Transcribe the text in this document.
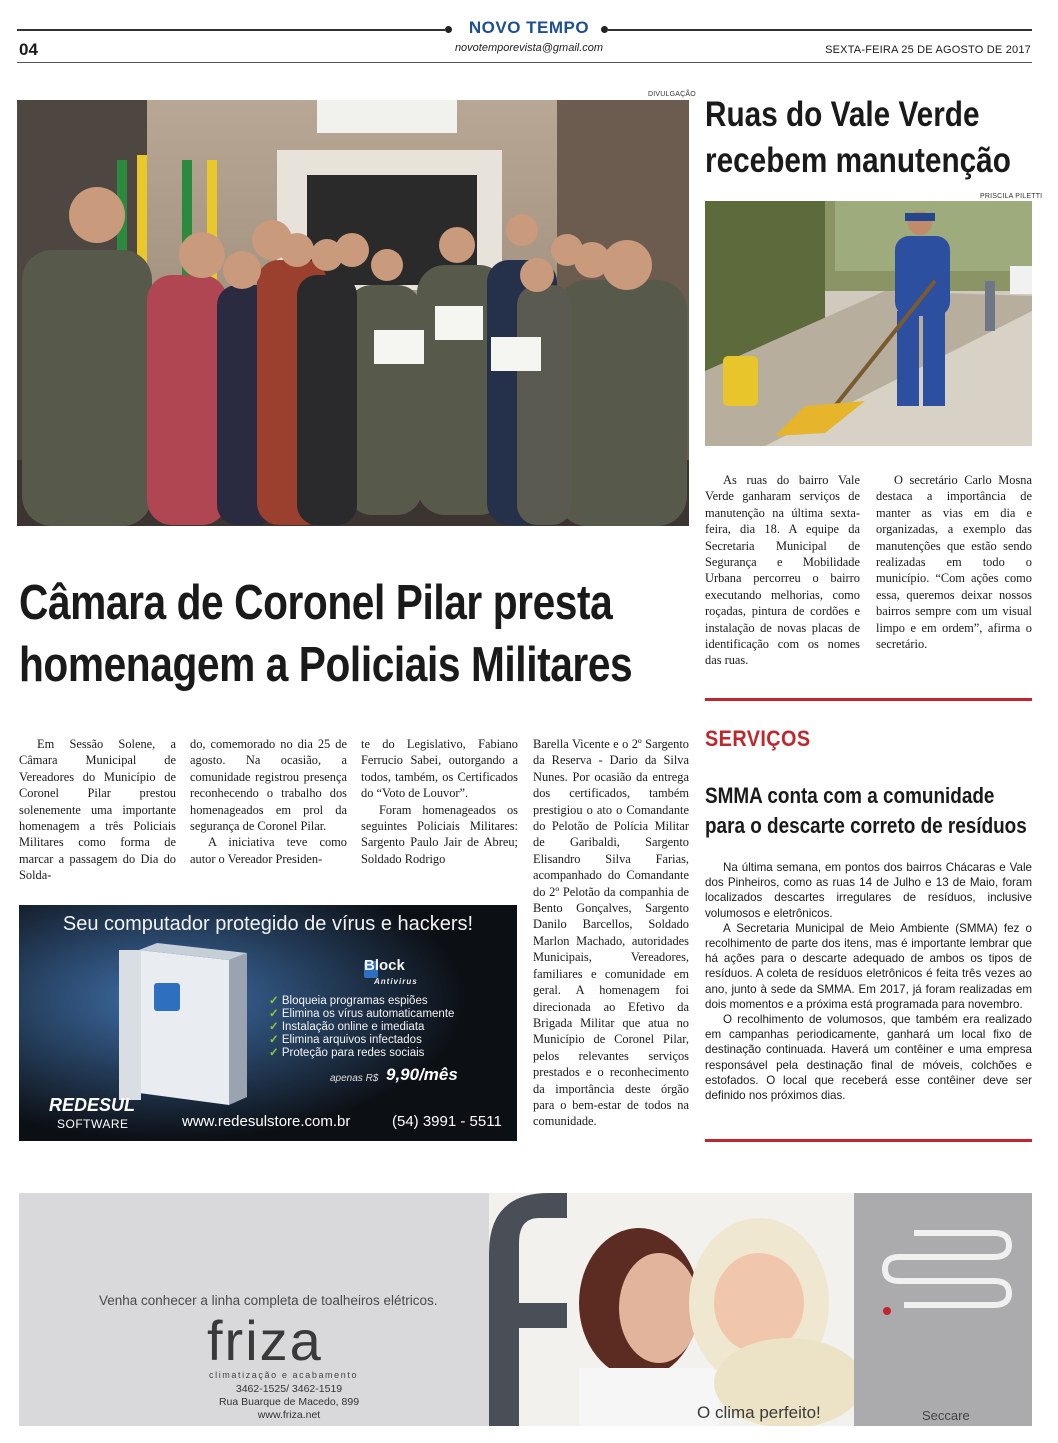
NOVO TEMPO
novotemporevista@gmail.com
04	SEXTA-FEIRA 25 DE AGOSTO DE 2017
DIVULGAÇÃO
Câmara de Coronel Pilar presta
homenagem a Policiais Militares

Em Sessão Solene, a Câmara Municipal de Vereadores do Município de Coronel Pilar prestou solenemente uma importante homenagem a três Policiais Militares como forma de marcar a passagem do Dia do Solda-

do, comemorado no dia 25 de agosto. Na ocasião, a comunidade registrou presença reconhecendo o trabalho dos homenageados em prol da segurança de Coronel Pilar.

A iniciativa teve como autor o Vereador Presiden-

te do Legislativo, Fabiano Ferrucio Sabei, outorgando a todos, também, os Certificados do “Voto de Louvor”.

Foram homenageados os seguintes Policiais Militares: Sargento Paulo Jair de Abreu; Soldado Rodrigo

Barella Vicente e o 2º Sargento da Reserva - Dario da Silva Nunes. Por ocasião da entrega dos certificados, também prestigiou o ato o Comandante do Pelotão de Polícia Militar de Garibaldi, Sargento Elisandro Silva Farias, acompanhado do Comandante do 2º Pelotão da companhia de Bento Gonçalves, Sargento Danilo Barcellos, Soldado Marlon Machado, autoridades Municipais, Vereadores, familiares e comunidade em geral. A homenagem foi direcionada ao Efetivo da Brigada Militar que atua no Município de Coronel Pilar, pelos relevantes serviços prestados e o reconhecimento da importância deste órgão para o bem-estar de todos na comunidade.

Ruas do Vale Verde
recebem manutenção
PRISCILA PILETTI

As ruas do bairro Vale Verde ganharam serviços de manutenção na última sexta-feira, dia 18. A equipe da Secretaria Municipal de Segurança e Mobilidade Urbana percorreu o bairro executando melhorias, como roçadas, pintura de cordões e instalação de novas placas de identificação com os nomes das ruas.

O secretário Carlo Mosna destaca a importância de manter as vias em dia e organizadas, a exemplo das manutenções que estão sendo realizadas em todo o município. “Com ações como essa, queremos deixar nossos bairros sempre com um visual limpo e em ordem”, afirma o secretário.

SERVIÇOS
SMMA conta com a comunidade
para o descarte correto de resíduos

Na última semana, em pontos dos bairros Chácaras e Vale dos Pinheiros, como as ruas 14 de Julho e 13 de Maio, foram localizados descartes irregulares de resíduos, inclusive volumosos e eletrônicos.

A Secretaria Municipal de Meio Ambiente (SMMA) fez o recolhimento de parte dos itens, mas é importante lembrar que há ações para o descarte adequado de ambos os tipos de resíduos. A coleta de resíduos eletrônicos é feita três vezes ao ano, junto à sede da SMMA. Em 2017, já foram realizadas em dois momentos e a próxima está programada para novembro.

O recolhimento de volumosos, que também era realizado em campanhas periodicamente, ganhará um local fixo de destinação continuada. Haverá um contêiner e uma empresa responsável pela destinação final de móveis, colchões e estofados. O local que receberá esse contêiner deve ser definido nos próximos dias.

Seu computador protegido de vírus e hackers!
Block
Antivirus
✓ Bloqueia programas espiões
✓ Elimina os vírus automaticamente
✓ Instalação online e imediata
✓ Elimina arquivos infectados
✓ Proteção para redes sociais
apenas R$ 9,90/mês
REDESUL
SOFTWARE	www.redesulstore.com.br	(54) 3991 - 5511
Venha conhecer a linha completa de toalheiros elétricos.
friza
climatização e acabamento
3462-1525/ 3462-1519
Rua Buarque de Macedo, 899
www.friza.net	O clima perfeito!	Seccare
